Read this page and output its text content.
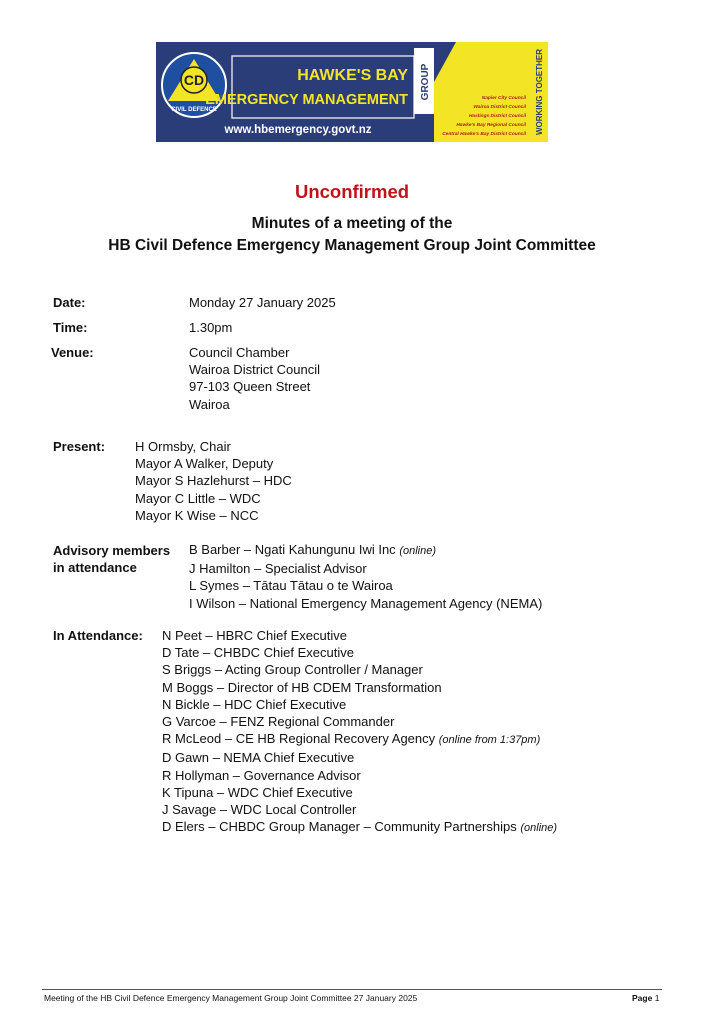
CD
CIVIL DEFENCE
HAWKE'S BAY
EMERGENCY MANAGEMENT GROUP
www.hbemergency.govt.nz
Napier City Council
Wairoa District Council
Hastings District Council
Hawke's Bay Regional Council
Central Hawke's Bay District Council WORKING TOGETHER
Unconfirmed
Minutes of a meeting of the
HB Civil Defence Emergency Management Group Joint Committee
Date:	Monday 27 January 2025
Time:	1.30pm
Venue:	Council Chamber
Wairoa District Council
97-103 Queen Street
Wairoa
Present: H Ormsby, Chair
Mayor A Walker, Deputy
Mayor S Hazlehurst – HDC
Mayor C Little – WDC
Mayor K Wise – NCC
Advisory members
in attendance
B Barber – Ngati Kahungunu Iwi Inc (online)
J Hamilton – Specialist Advisor
L Symes – Tātau Tātau o te Wairoa
I Wilson – National Emergency Management Agency (NEMA)
In Attendance: N Peet – HBRC Chief Executive
D Tate – CHBDC Chief Executive
S Briggs – Acting Group Controller / Manager
M Boggs – Director of HB CDEM Transformation
N Bickle – HDC Chief Executive
G Varcoe – FENZ Regional Commander
R McLeod – CE HB Regional Recovery Agency (online from 1:37pm)
D Gawn – NEMA Chief Executive
R Hollyman – Governance Advisor
K Tipuna – WDC Chief Executive
J Savage – WDC Local Controller
D Elers – CHBDC Group Manager – Community Partnerships (online)
Meeting of the HB Civil Defence Emergency Management Group Joint Committee 27 January 2025	Page 1
